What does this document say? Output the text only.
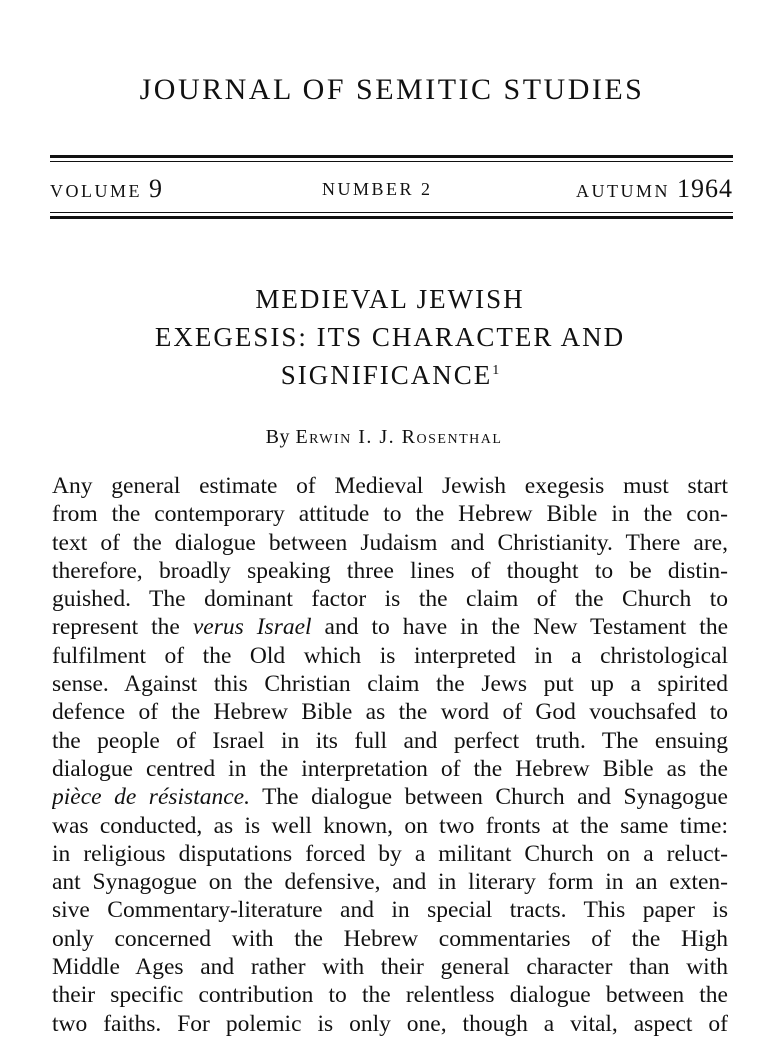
JOURNAL OF SEMITIC STUDIES
VOLUME 9	NUMBER 2	AUTUMN 1964
MEDIEVAL JEWISH
EXEGESIS: ITS CHARACTER AND
SIGNIFICANCE$^1$
By Erwin I. J. Rosenthal
Any general estimate of Medieval Jewish exegesis must start
from the contemporary attitude to the Hebrew Bible in the con-
text of the dialogue between Judaism and Christianity. There are,
therefore, broadly speaking three lines of thought to be distin-
guished. The dominant factor is the claim of the Church to
represent the verus Israel and to have in the New Testament the
fulfilment of the Old which is interpreted in a christological
sense. Against this Christian claim the Jews put up a spirited
defence of the Hebrew Bible as the word of God vouchsafed to
the people of Israel in its full and perfect truth. The ensuing
dialogue centred in the interpretation of the Hebrew Bible as the
pièce de résistance. The dialogue between Church and Synagogue
was conducted, as is well known, on two fronts at the same time:
in religious disputations forced by a militant Church on a reluct-
ant Synagogue on the defensive, and in literary form in an exten-
sive Commentary-literature and in special tracts. This paper is
only concerned with the Hebrew commentaries of the High
Middle Ages and rather with their general character than with
their specific contribution to the relentless dialogue between the
two faiths. For polemic is only one, though a vital, aspect of
